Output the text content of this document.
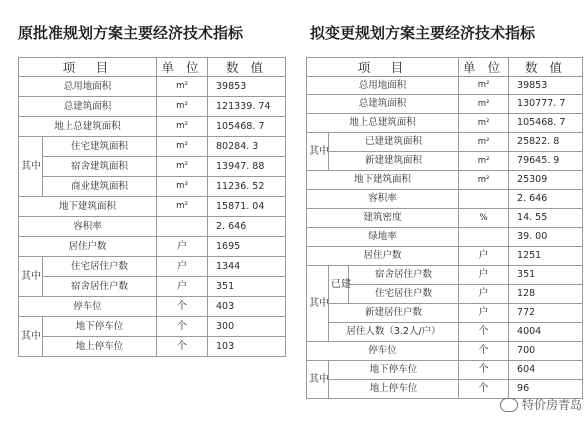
原批准规划方案主要经济技术指标	拟变更规划方案主要经济技术指标
项　目		单 位	数 值
总用地面积		m²	39853
总建筑面积		m²	121339. 74
地上总建筑面积		m²	105468. 7
其中	住宅建筑面积	m²	80284. 3
	宿舍建筑面积	m²	13947. 88
	商业建筑面积	m³	11236. 52
地下建筑面积		m²	15871. 04
容积率			2. 646
居住户数		户	1695
其中	住宅居住户数	户	1344
	宿舍居住户数	户	351
停车位		个	403
其中	地下停车位	个	300
	地上停车位	个	103
项　目			单 位	数 值
总用地面积			m²	39853
总建筑面积			m²	130777. 7
地上总建筑面积			m²	105468. 7
其中	已建建筑面积		m²	25822. 8
	新建建筑面积		m²	79645. 9
地下建筑面积			m²	25309
容积率				2. 646
建筑密度			%	14. 55
绿地率				39. 00
居住户数			户	1251
其中	已建	宿舍居住户数	户	351
		住宅居住户数	户	128
	新建居住户数		户	772
	居住人数（3.2人/户）		个	4004
停车位			个	700
其中	地下停车位		个	604
	地上停车位		个	96
特价房青岛
